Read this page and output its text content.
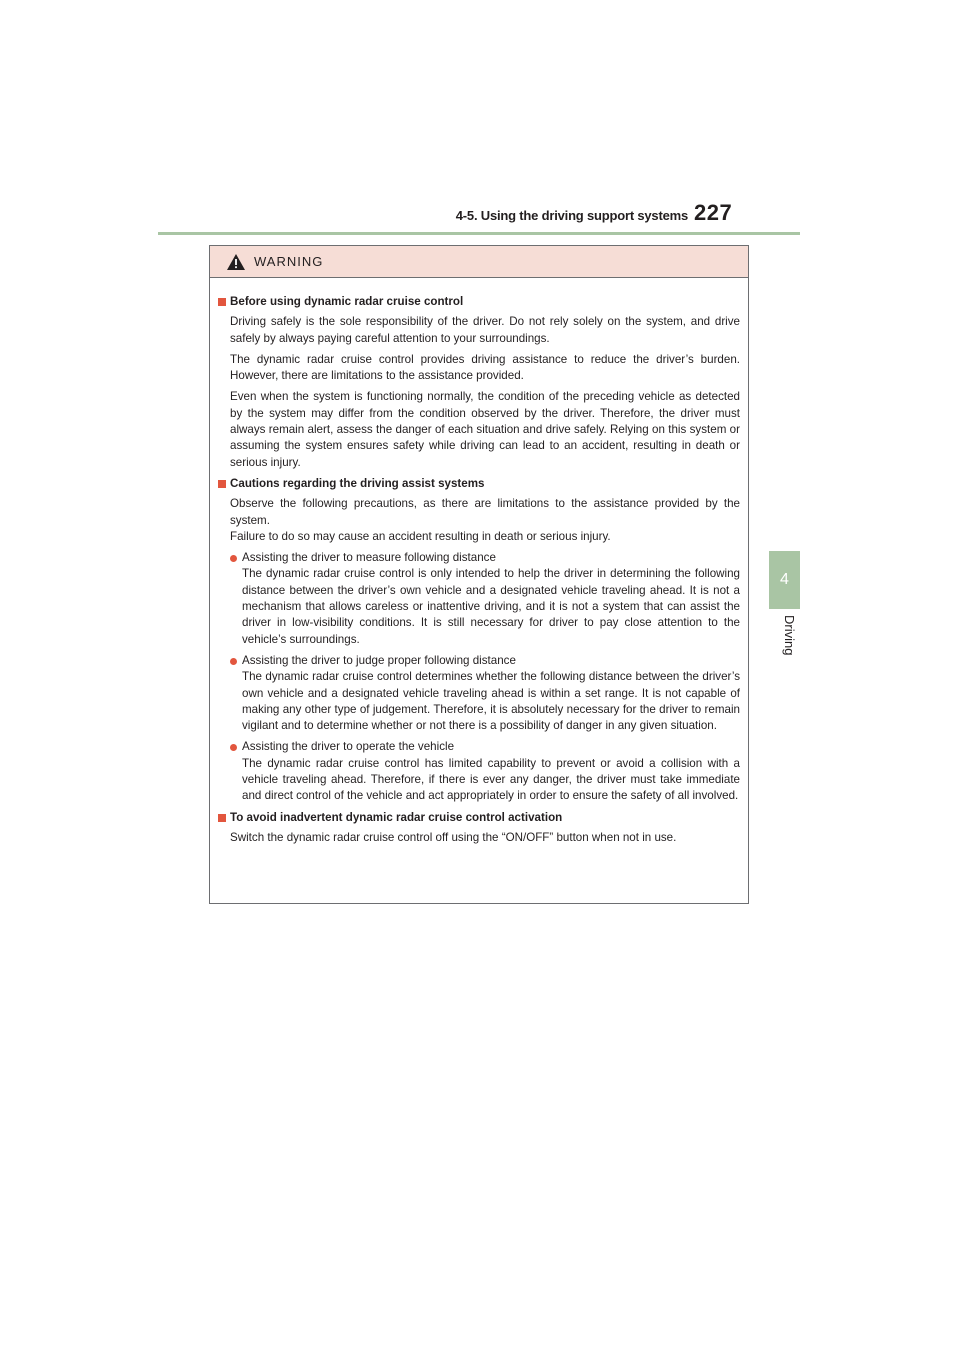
4-5. Using the driving support systems 227
4
Driving
WARNING
Before using dynamic radar cruise control

Driving safely is the sole responsibility of the driver. Do not rely solely on the system, and drive safely by always paying careful attention to your surroundings.

The dynamic radar cruise control provides driving assistance to reduce the driver’s burden. However, there are limitations to the assistance provided.

Even when the system is functioning normally, the condition of the preceding vehicle as detected by the system may differ from the condition observed by the driver. Therefore, the driver must always remain alert, assess the danger of each situation and drive safely. Relying on this system or assuming the system ensures safety while driving can lead to an accident, resulting in death or serious injury.

Cautions regarding the driving assist systems

Observe the following precautions, as there are limitations to the assistance provided by the system.

Failure to do so may cause an accident resulting in death or serious injury.

Assisting the driver to measure following distance
The dynamic radar cruise control is only intended to help the driver in determining the following distance between the driver’s own vehicle and a designated vehicle traveling ahead. It is not a mechanism that allows careless or inattentive driving, and it is not a system that can assist the driver in low-visibility conditions. It is still necessary for driver to pay close attention to the vehicle’s surroundings.
Assisting the driver to judge proper following distance
The dynamic radar cruise control determines whether the following distance between the driver’s own vehicle and a designated vehicle traveling ahead is within a set range. It is not capable of making any other type of judgement. Therefore, it is absolutely necessary for the driver to remain vigilant and to determine whether or not there is a possibility of danger in any given situation.
Assisting the driver to operate the vehicle
The dynamic radar cruise control has limited capability to prevent or avoid a collision with a vehicle traveling ahead. Therefore, if there is ever any danger, the driver must take immediate and direct control of the vehicle and act appropriately in order to ensure the safety of all involved.
To avoid inadvertent dynamic radar cruise control activation

Switch the dynamic radar cruise control off using the “ON/OFF” button when not in use.
